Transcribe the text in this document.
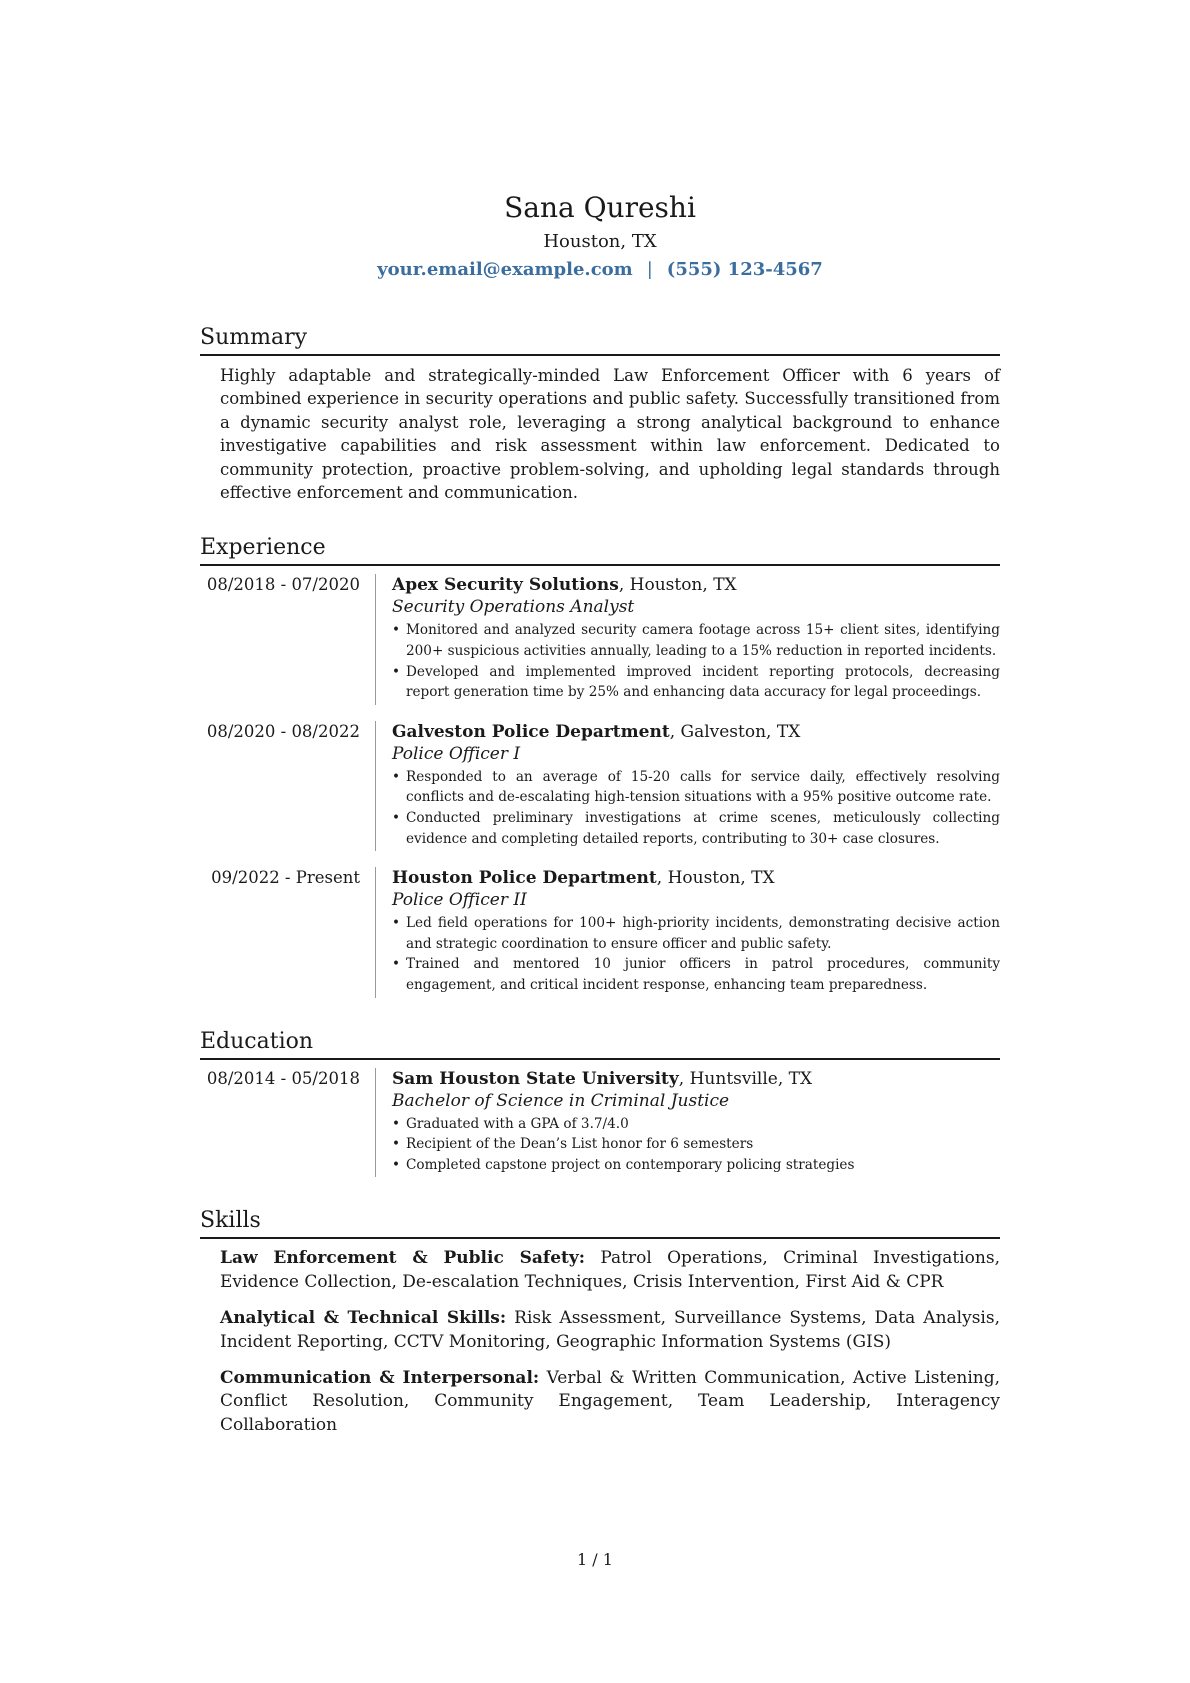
Sana Qureshi
Houston, TX
your.email@example.com | (555) 123-4567
Summary
Highly adaptable and strategically-minded Law Enforcement Officer with 6 years of combined experience in security operations and public safety. Successfully transitioned from a dynamic security analyst role, leveraging a strong analytical background to enhance investigative capabilities and risk assessment within law enforcement. Dedicated to community protection, proactive problem-solving, and upholding legal standards through effective enforcement and communication.
Experience
08/2018 - 07/2020	Apex Security Solutions, Houston, TX
Security Operations Analyst
• Monitored and analyzed security camera footage across 15+ client sites, identifying 200+ suspicious activities annually, leading to a 15% reduction in reported incidents.
• Developed and implemented improved incident reporting protocols, decreasing report generation time by 25% and enhancing data accuracy for legal proceedings.
08/2020 - 08/2022	Galveston Police Department, Galveston, TX
Police Officer I
• Responded to an average of 15-20 calls for service daily, effectively resolving conflicts and de-escalating high-tension situations with a 95% positive outcome rate.
• Conducted preliminary investigations at crime scenes, meticulously collecting evidence and completing detailed reports, contributing to 30+ case closures.
09/2022 - Present	Houston Police Department, Houston, TX
Police Officer II
• Led field operations for 100+ high-priority incidents, demonstrating decisive action and strategic coordination to ensure officer and public safety.
• Trained and mentored 10 junior officers in patrol procedures, community engagement, and critical incident response, enhancing team preparedness.
Education
08/2014 - 05/2018	Sam Houston State University, Huntsville, TX
Bachelor of Science in Criminal Justice
• Graduated with a GPA of 3.7/4.0
• Recipient of the Dean’s List honor for 6 semesters
• Completed capstone project on contemporary policing strategies
Skills
Law Enforcement & Public Safety: Patrol Operations, Criminal Investigations, Evidence Collection, De-escalation Techniques, Crisis Intervention, First Aid & CPR
Analytical & Technical Skills: Risk Assessment, Surveillance Systems, Data Analysis, Incident Reporting, CCTV Monitoring, Geographic Information Systems (GIS)
Communication & Interpersonal: Verbal & Written Communication, Active Listening, Conflict Resolution, Community Engagement, Team Leadership, Interagency Collaboration
1 / 1
